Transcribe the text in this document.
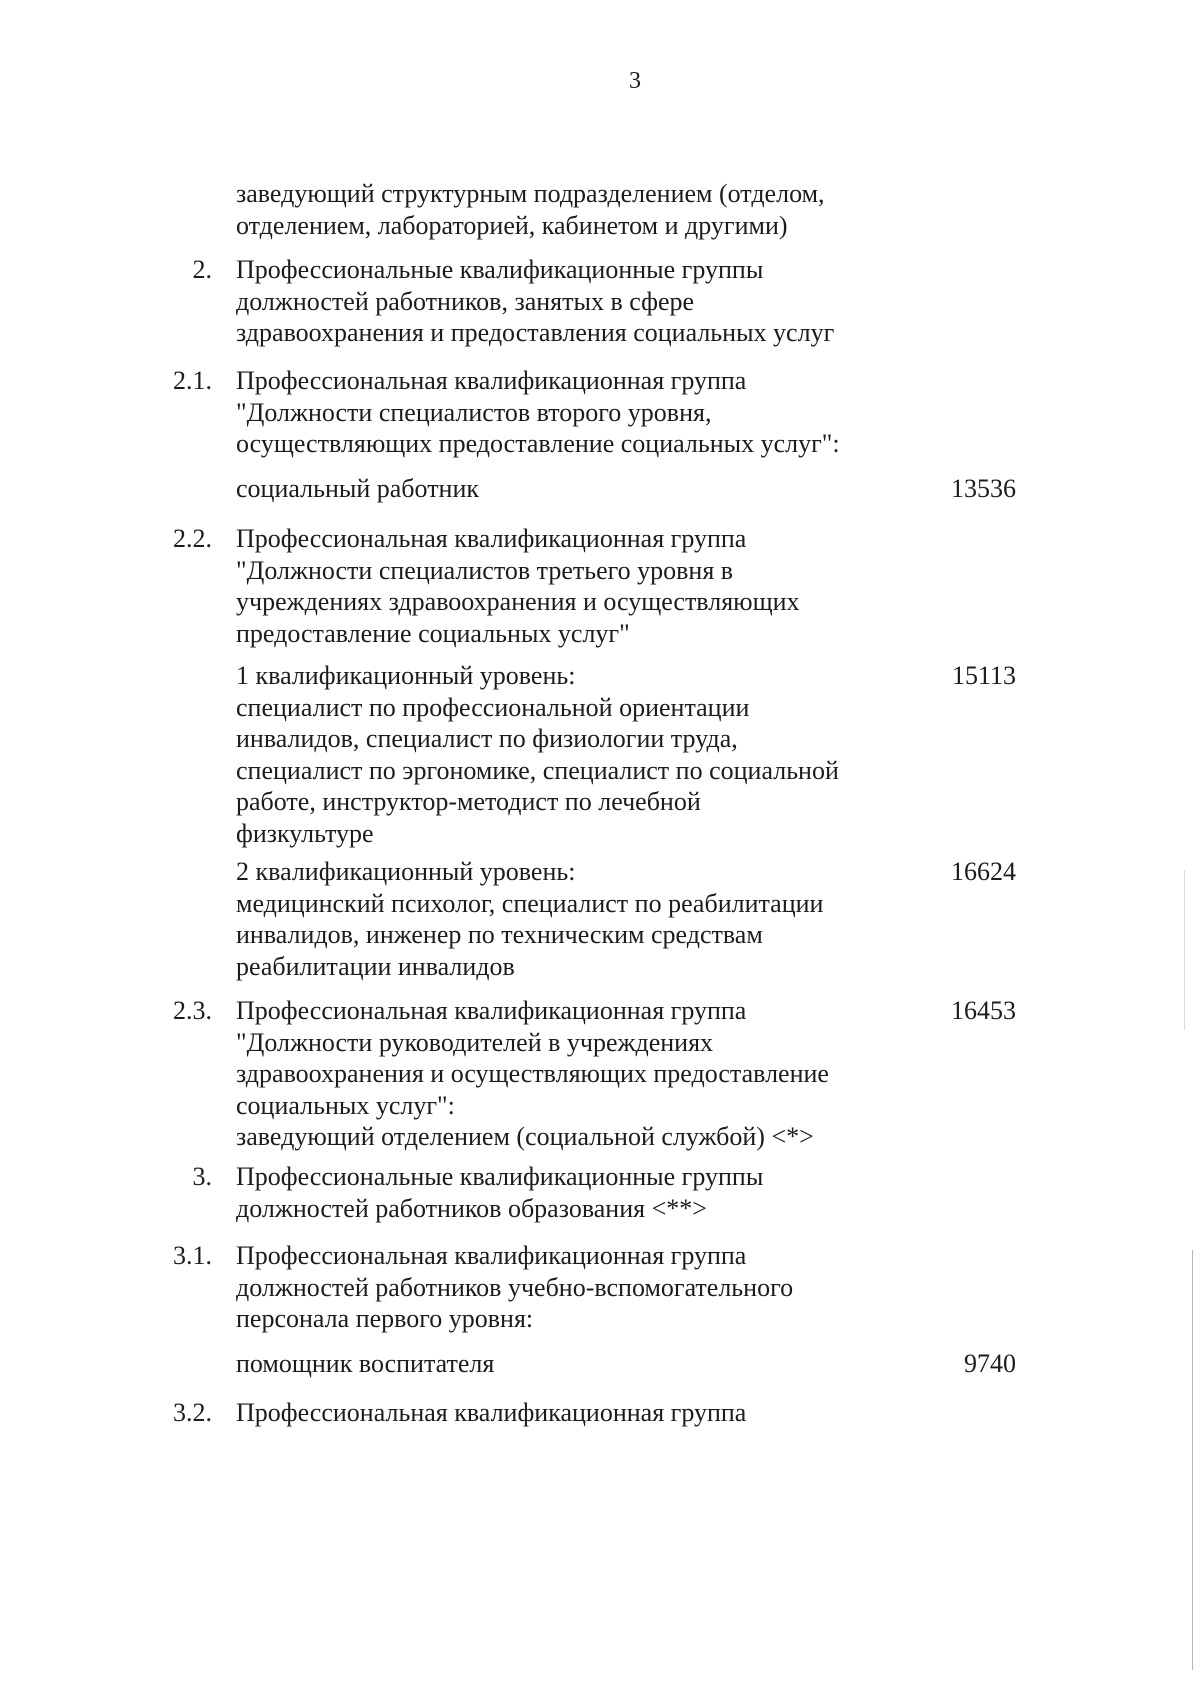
3
заведующий структурным подразделением (отделом,
отделением, лабораторией, кабинетом и другими)
2. Профессиональные квалификационные группы
должностей работников, занятых в сфере
здравоохранения и предоставления социальных услуг
2.1. Профессиональная квалификационная группа
"Должности специалистов второго уровня,
осуществляющих предоставление социальных услуг":
социальный работник	13536
2.2. Профессиональная квалификационная группа
"Должности специалистов третьего уровня в
учреждениях здравоохранения и осуществляющих
предоставление социальных услуг"
1 квалификационный уровень:
специалист по профессиональной ориентации
инвалидов, специалист по физиологии труда,
специалист по эргономике, специалист по социальной
работе, инструктор-методист по лечебной
физкультуре
15113
2 квалификационный уровень:
медицинский психолог, специалист по реабилитации
инвалидов, инженер по техническим средствам
реабилитации инвалидов
16624
2.3. Профессиональная квалификационная группа
"Должности руководителей в учреждениях
здравоохранения и осуществляющих предоставление
социальных услуг":
заведующий отделением (социальной службой) <*>
16453
3. Профессиональные квалификационные группы
должностей работников образования <**>
3.1. Профессиональная квалификационная группа
должностей работников учебно-вспомогательного
персонала первого уровня:
помощник воспитателя	9740
3.2. Профессиональная квалификационная группа
